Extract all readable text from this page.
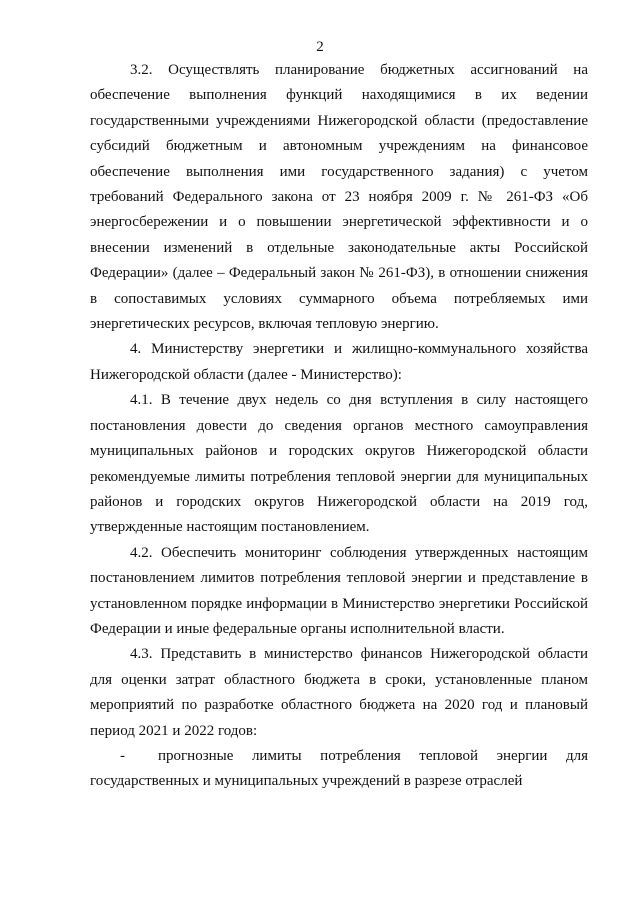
2

3.2. Осуществлять планирование бюджетных ассигнований на обеспечение выполнения функций находящимися в их ведении государственными учреждениями Нижегородской области (предоставление субсидий бюджетным и автономным учреждениям на финансовое обеспечение выполнения ими государственного задания) с учетом требований Федерального закона от 23 ноября 2009 г. № 261-ФЗ «Об энергосбережении и о повышении энергетической эффективности и о внесении изменений в отдельные законодательные акты Российской Федерации» (далее – Федеральный закон № 261-ФЗ), в отношении снижения в сопоставимых условиях суммарного объема потребляемых ими энергетических ресурсов, включая тепловую энергию.

4. Министерству энергетики и жилищно-коммунального хозяйства Нижегородской области (далее - Министерство):

4.1. В течение двух недель со дня вступления в силу настоящего постановления довести до сведения органов местного самоуправления муниципальных районов и городских округов Нижегородской области рекомендуемые лимиты потребления тепловой энергии для муниципальных районов и городских округов Нижегородской области на 2019 год, утвержденные настоящим постановлением.

4.2. Обеспечить мониторинг соблюдения утвержденных настоящим постановлением лимитов потребления тепловой энергии и представление в установленном порядке информации в Министерство энергетики Российской Федерации и иные федеральные органы исполнительной власти.

4.3. Представить в министерство финансов Нижегородской области для оценки затрат областного бюджета в сроки, установленные планом мероприятий по разработке областного бюджета на 2020 год и плановый период 2021 и 2022 годов:

- прогнозные лимиты потребления тепловой энергии для государственных и муниципальных учреждений в разрезе отраслей
